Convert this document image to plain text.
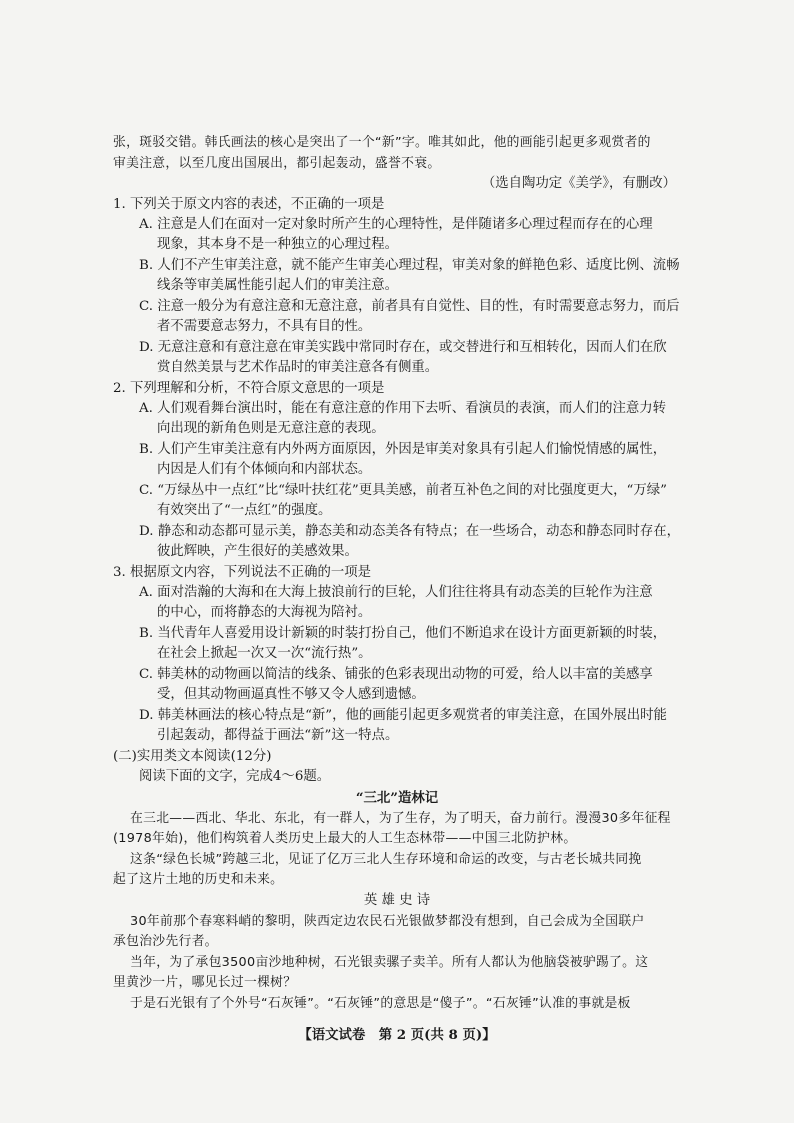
张，斑驳交错。韩氏画法的核心是突出了一个“新”字。唯其如此，他的画能引起更多观赏者的
审美注意，以至几度出国展出，都引起轰动，盛誉不衰。
（选自陶功定《美学》，有删改）
1. 下列关于原文内容的表述，不正确的一项是
A. 注意是人们在面对一定对象时所产生的心理特性，是伴随诸多心理过程而存在的心理
现象，其本身不是一种独立的心理过程。
B. 人们不产生审美注意，就不能产生审美心理过程，审美对象的鲜艳色彩、适度比例、流畅
线条等审美属性能引起人们的审美注意。
C. 注意一般分为有意注意和无意注意，前者具有自觉性、目的性，有时需要意志努力，而后
者不需要意志努力，不具有目的性。
D. 无意注意和有意注意在审美实践中常同时存在，或交替进行和互相转化，因而人们在欣
赏自然美景与艺术作品时的审美注意各有侧重。
2. 下列理解和分析，不符合原文意思的一项是
A. 人们观看舞台演出时，能在有意注意的作用下去听、看演员的表演，而人们的注意力转
向出现的新角色则是无意注意的表现。
B. 人们产生审美注意有内外两方面原因，外因是审美对象具有引起人们愉悦情感的属性，
内因是人们有个体倾向和内部状态。
C. “万绿丛中一点红”比“绿叶扶红花”更具美感，前者互补色之间的对比强度更大，“万绿”
有效突出了“一点红”的强度。
D. 静态和动态都可显示美，静态美和动态美各有特点；在一些场合，动态和静态同时存在，
彼此辉映，产生很好的美感效果。
3. 根据原文内容，下列说法不正确的一项是
A. 面对浩瀚的大海和在大海上披浪前行的巨轮，人们往往将具有动态美的巨轮作为注意
的中心，而将静态的大海视为陪衬。
B. 当代青年人喜爱用设计新颖的时装打扮自己，他们不断追求在设计方面更新颖的时装，
在社会上掀起一次又一次“流行热”。
C. 韩美林的动物画以简洁的线条、铺张的色彩表现出动物的可爱，给人以丰富的美感享
受，但其动物画逼真性不够又令人感到遗憾。
D. 韩美林画法的核心特点是“新”，他的画能引起更多观赏者的审美注意，在国外展出时能
引起轰动，都得益于画法“新”这一特点。
(二)实用类文本阅读(12分)
阅读下面的文字，完成4～6题。
“三北”造林记
在三北——西北、华北、东北，有一群人，为了生存，为了明天，奋力前行。漫漫30多年征程
(1978年始)，他们构筑着人类历史上最大的人工生态林带——中国三北防护林。
这条“绿色长城”跨越三北，见证了亿万三北人生存环境和命运的改变，与古老长城共同挽
起了这片土地的历史和未来。
英 雄 史 诗
30年前那个春寒料峭的黎明，陕西定边农民石光银做梦都没有想到，自己会成为全国联户
承包治沙先行者。
当年，为了承包3500亩沙地种树，石光银卖骡子卖羊。所有人都认为他脑袋被驴踢了。这
里黄沙一片，哪见长过一棵树？
于是石光银有了个外号“石灰锤”。“石灰锤”的意思是“傻子”。“石灰锤”认准的事就是板
【语文试卷　第 2 页(共 8 页)】
